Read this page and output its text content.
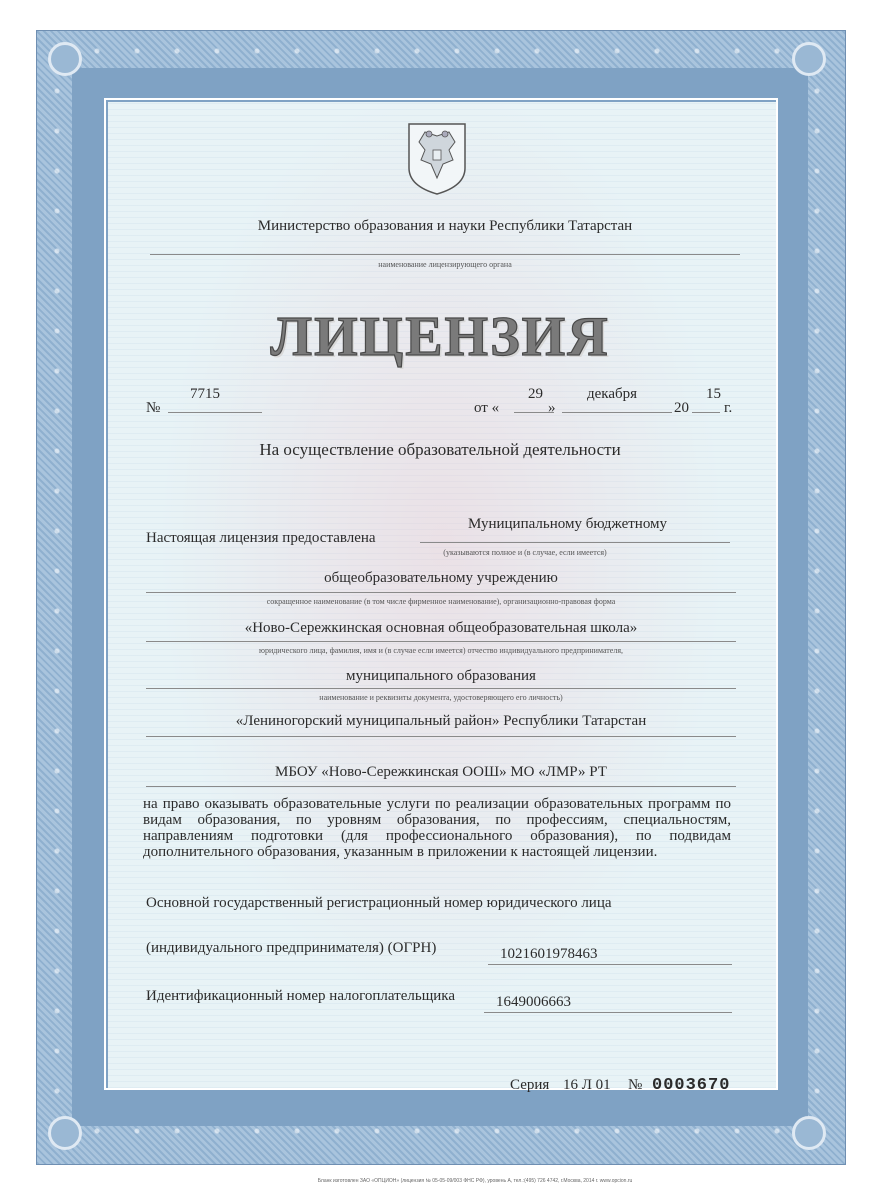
Министерство образования и науки Республики Татарстан
наименование лицензирующего органа
ЛИЦЕНЗИЯ
№
7715
от «
29
»
декабря
20
15
г.
На осуществление образовательной деятельности
Настоящая лицензия предоставлена
Муниципальному бюджетному
(указываются полное и (в случае, если имеется)
общеобразовательному учреждению
сокращенное наименование (в том числе фирменное наименование), организационно-правовая форма
«Ново-Сережкинская основная общеобразовательная школа»
юридического лица, фамилия, имя и (в случае если имеется) отчество индивидуального предпринимателя,
муниципального образования
наименование и реквизиты документа, удостоверяющего его личность)
«Лениногорский муниципальный район» Республики Татарстан
МБОУ «Ново-Сережкинская ООШ» МО «ЛМР» РТ
на право оказывать образовательные услуги по реализации образовательных программ по видам образования, по уровням образования, по профессиям, специальностям, направлениям подготовки (для профессионального образования), по подвидам дополнительного образования, указанным в приложении к настоящей лицензии.
Основной государственный регистрационный номер юридического лица
(индивидуального предпринимателя) (ОГРН)	1021601978463
Идентификационный номер налогоплательщика	1649006663
Серия 16 Л 01 № 0003670
Бланк изготовлен ЗАО «ОПЦИОН» (лицензия № 05-05-09/003 ФНС РФ), уровень А, тел.:(495) 726 4742, г.Москва, 2014 г. www.opcion.ru
